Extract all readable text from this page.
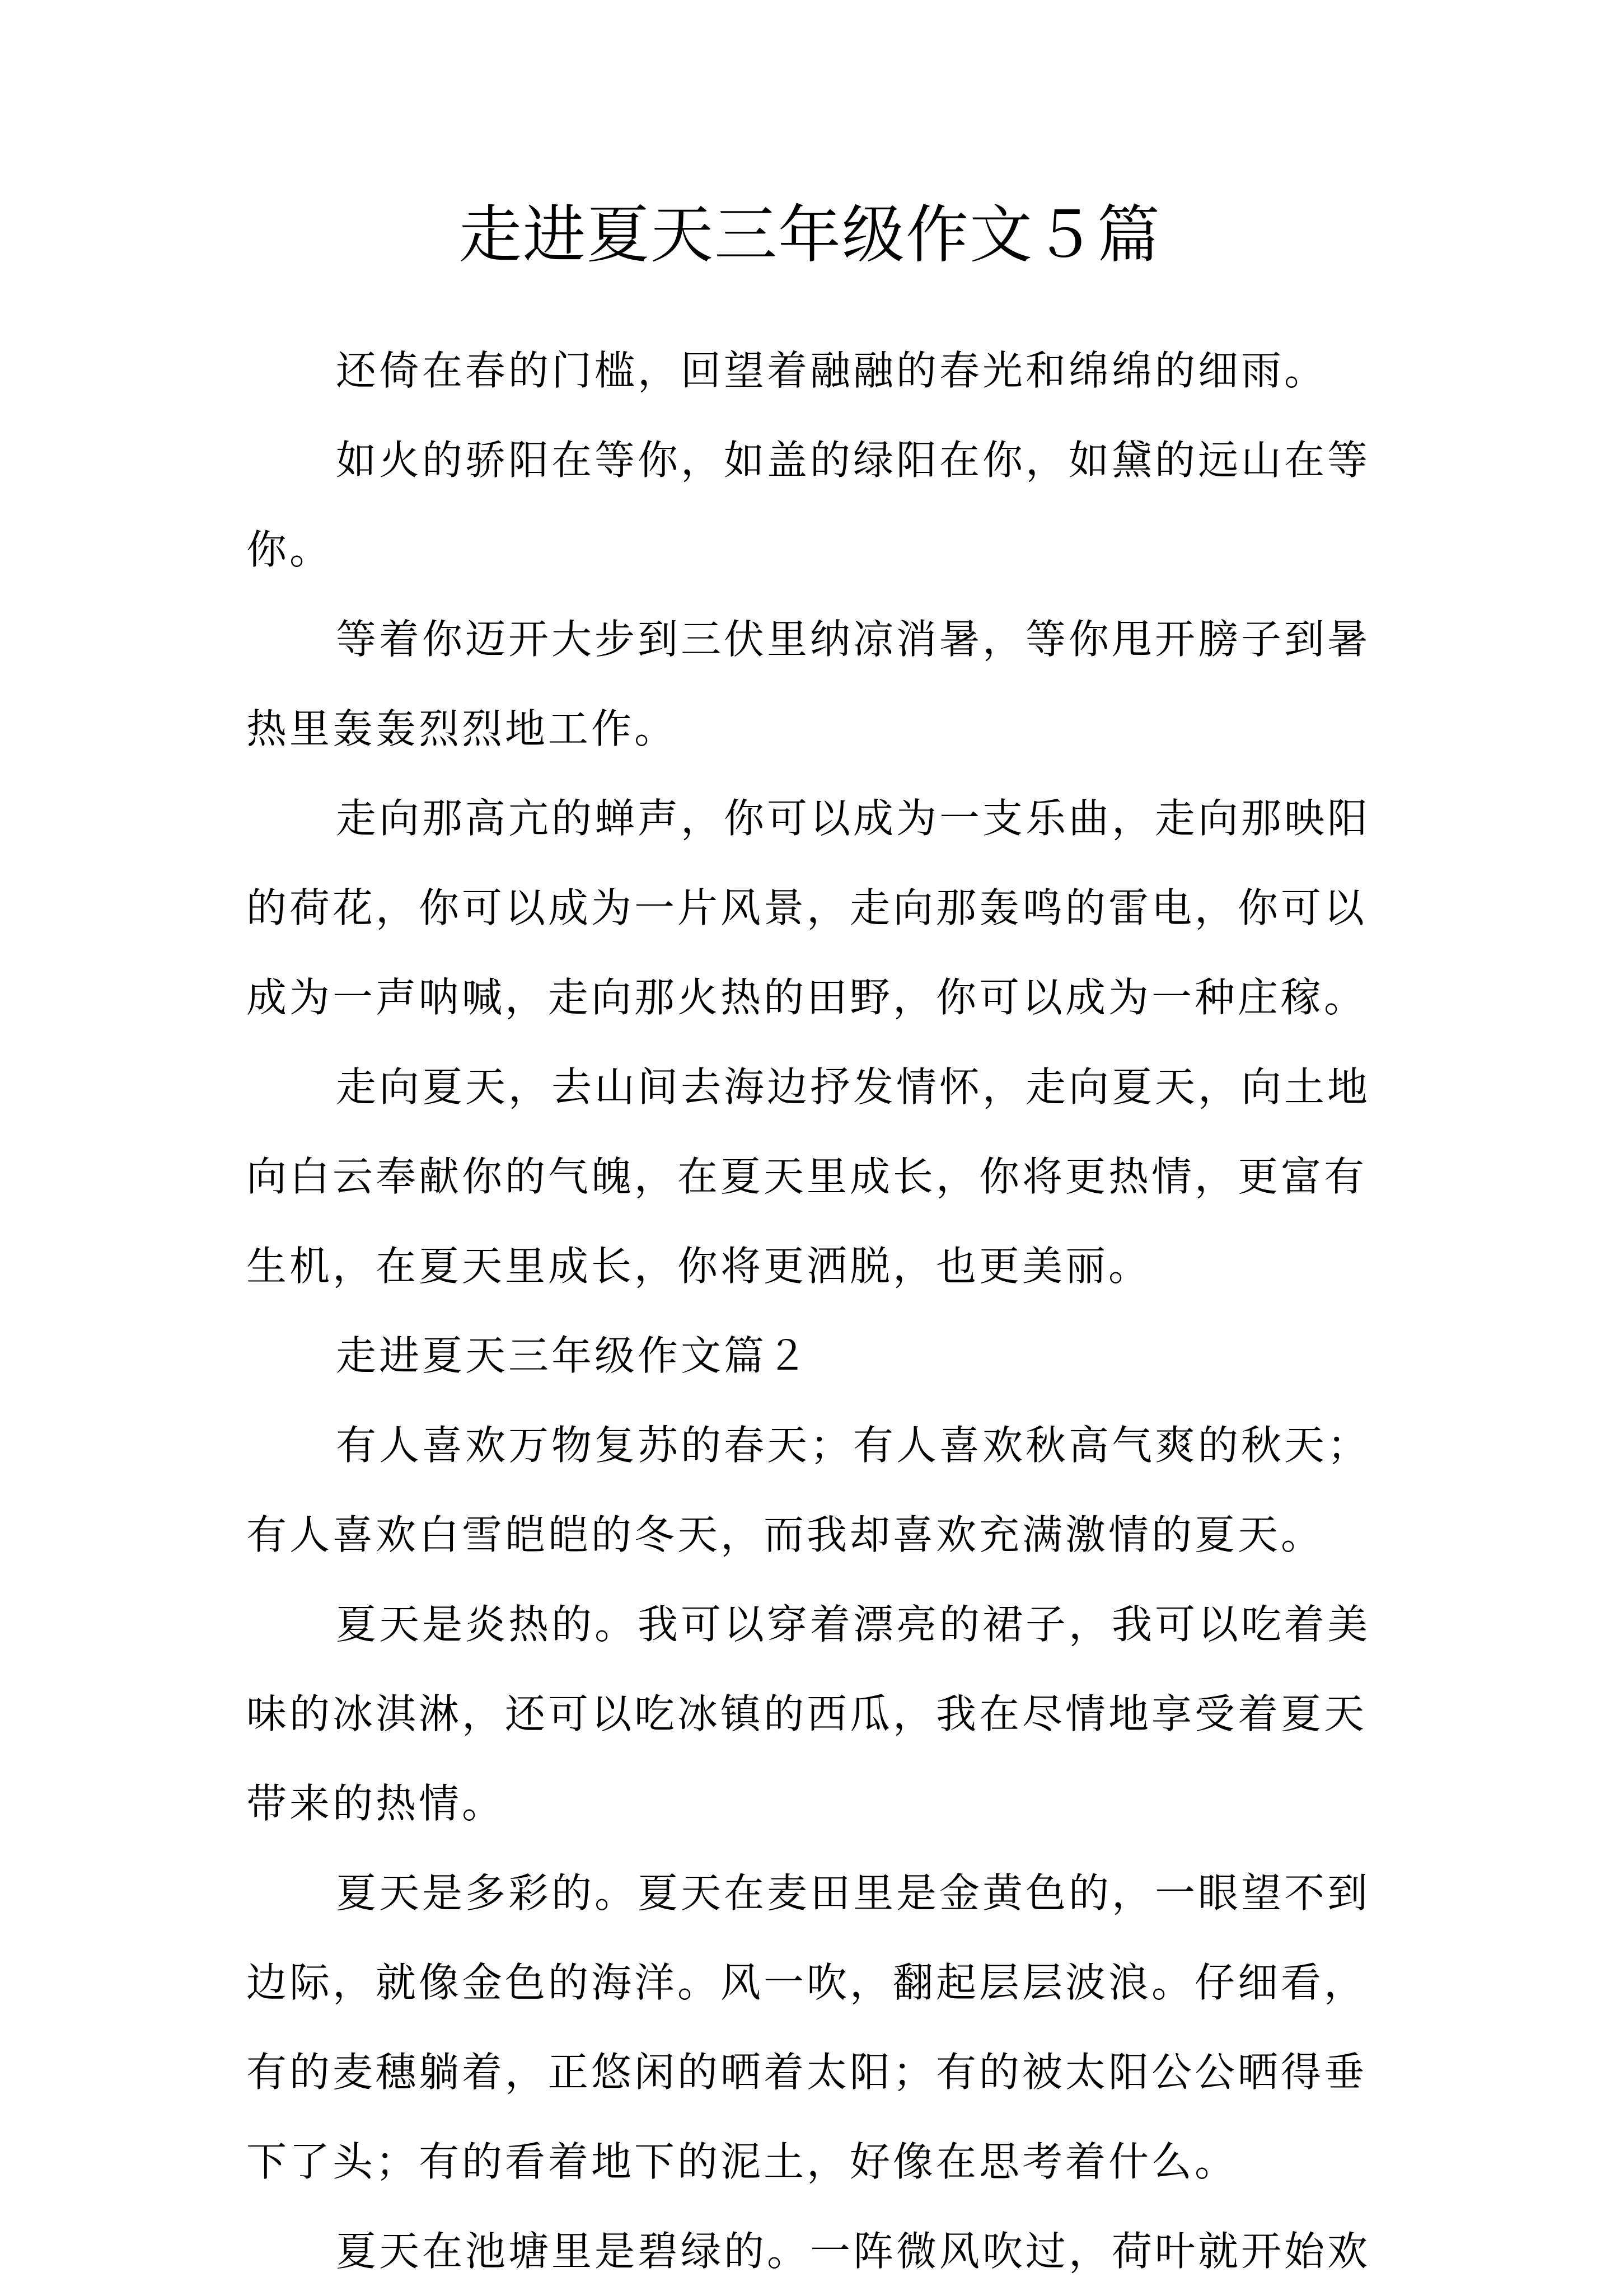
走进夏天三年级作文５篇

还倚在春的门槛，回望着融融的春光和绵绵的细雨。

如火的骄阳在等你，如盖的绿阳在你，如黛的远山在等你。

等着你迈开大步到三伏里纳凉消暑，等你甩开膀子到暑热里轰轰烈烈地工作。

走向那高亢的蝉声，你可以成为一支乐曲，走向那映阳的荷花，你可以成为一片风景，走向那轰鸣的雷电，你可以成为一声呐喊，走向那火热的田野，你可以成为一种庄稼。

走向夏天，去山间去海边抒发情怀，走向夏天，向土地向白云奉献你的气魄，在夏天里成长，你将更热情，更富有生机，在夏天里成长，你将更洒脱，也更美丽。

走进夏天三年级作文篇２

有人喜欢万物复苏的春天；有人喜欢秋高气爽的秋天；有人喜欢白雪皑皑的冬天，而我却喜欢充满激情的夏天。

夏天是炎热的。我可以穿着漂亮的裙子，我可以吃着美味的冰淇淋，还可以吃冰镇的西瓜，我在尽情地享受着夏天带来的热情。

夏天是多彩的。夏天在麦田里是金黄色的，一眼望不到边际，就像金色的海洋。风一吹，翻起层层波浪。仔细看，有的麦穗躺着，正悠闲的晒着太阳；有的被太阳公公晒得垂下了头；有的看着地下的泥土，好像在思考着什么。

夏天在池塘里是碧绿的。一阵微风吹过，荷叶就开始欢
